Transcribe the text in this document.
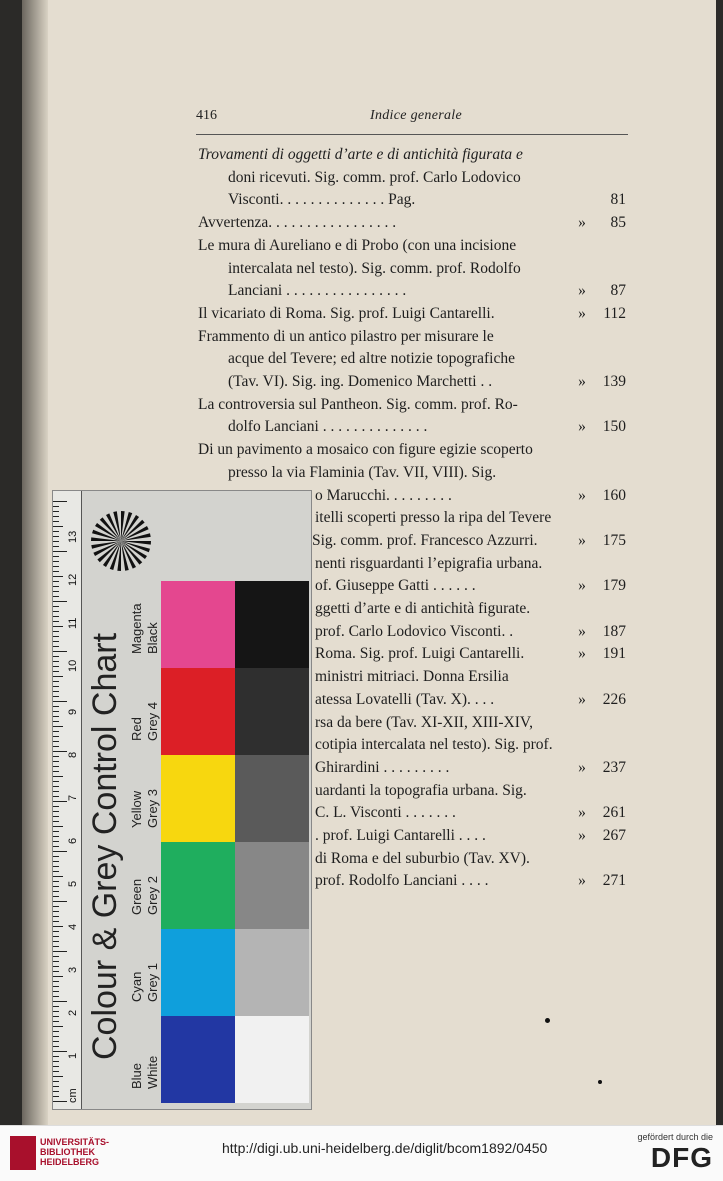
416	Indice generale
Trovamenti di oggetti d’arte e di antichità figurata e
doni ricevuti. Sig. comm. prof. Carlo Lodovico
Visconti. . . . . . . . . . . . . . Pag.	81
Avvertenza. . . . . . . . . . . . . . . . .	»	85
Le mura di Aureliano e di Probo (con una incisione
intercalata nel testo). Sig. comm. prof. Rodolfo
Lanciani . . . . . . . . . . . . . . . .	»	87
Il vicariato di Roma. Sig. prof. Luigi Cantarelli.	»	112
Frammento di un antico pilastro per misurare le
acque del Tevere; ed altre notizie topografiche
(Tav. VI). Sig. ing. Domenico Marchetti . .	»	139
La controversia sul Pantheon. Sig. comm. prof. Ro-
dolfo Lanciani . . . . . . . . . . . . . .	»	150
Di un pavimento a mosaico con figure egizie scoperto
presso la via Flaminia (Tav. VII, VIII). Sig.
o Marucchi. . . . . . . . .	»	160
itelli scoperti presso la ripa del Tevere
Sig. comm. prof. Francesco Azzurri.	»	175
nenti risguardanti l’epigrafia urbana.
of. Giuseppe Gatti . . . . . .	»	179
ggetti d’arte e di antichità figurate.
prof. Carlo Lodovico Visconti. .	»	187
Roma. Sig. prof. Luigi Cantarelli.	»	191
ministri mitriaci. Donna Ersilia
atessa Lovatelli (Tav. X). . . .	»	226
rsa da bere (Tav. XI-XII, XIII-XIV,
cotipia intercalata nel testo). Sig. prof.
Ghirardini . . . . . . . . .	»	237
uardanti la topografia urbana. Sig.
C. L. Visconti . . . . . . .	»	261
. prof. Luigi Cantarelli . . . .	»	267
di Roma e del suburbio (Tav. XV).
prof. Rodolfo Lanciani . . . .	»	271
1
2
3
4
5
6
7
8
9
10
11
12
13
cm
Blue White
Cyan Grey 1
Green Grey 2
Yellow Grey 3
Red Grey 4
Magenta Black
Colour & Grey Control Chart
UNIVERSITÄTS-
BIBLIOTHEK
HEIDELBERG
http://digi.ub.uni-heidelberg.de/diglit/bcom1892/0450
gefördert durch die
DFG
